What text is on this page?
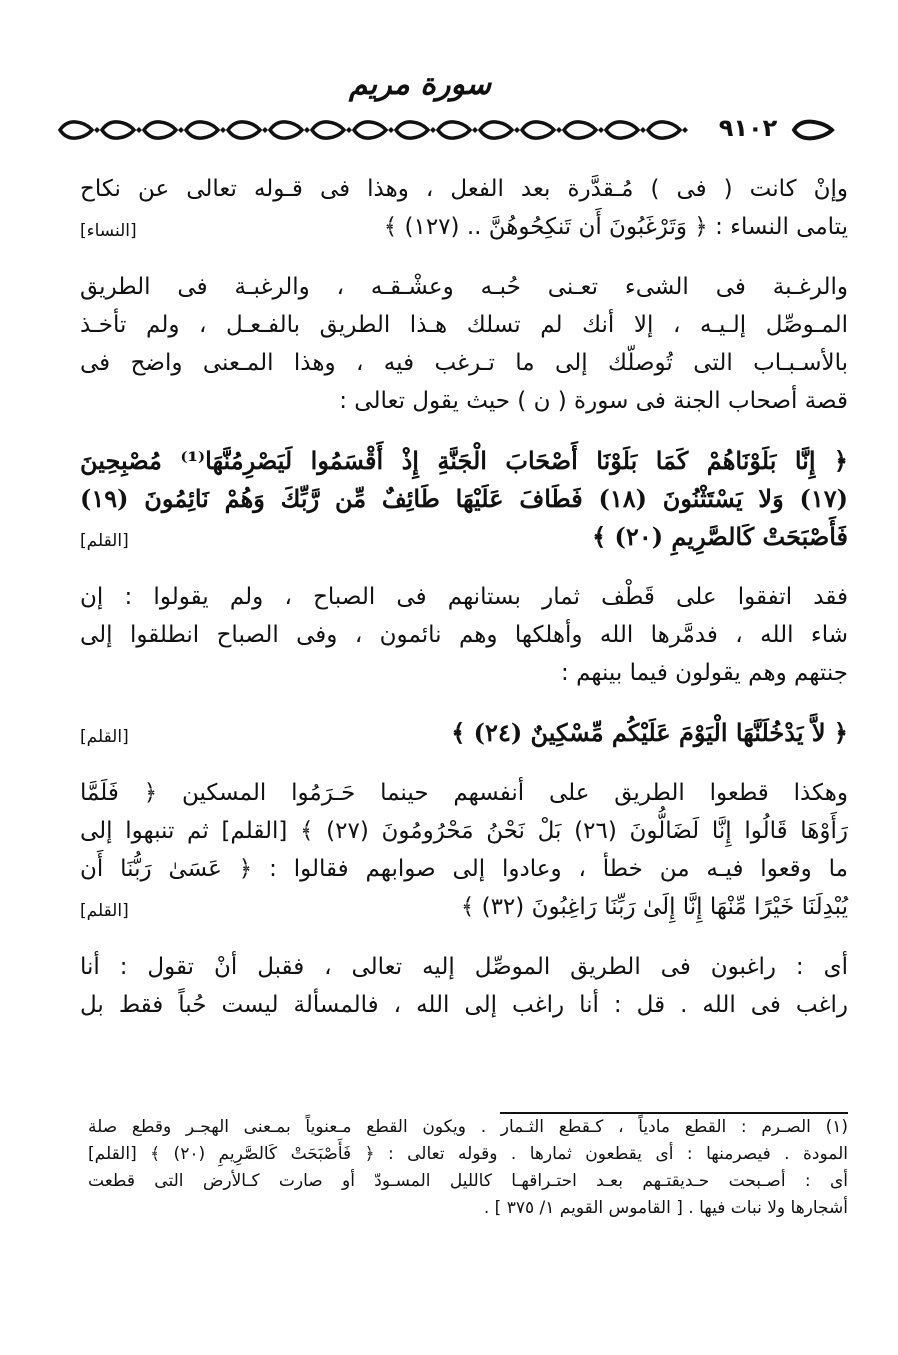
سورة مريم
٩١٠٢
وإنْ كانت ( فى ) مُـقدَّرة بعد الفعل ، وهذا فى قـوله تعالى عن نكاح
يتامى النساء : ﴿ وَتَرْغَبُونَ أَن تَنكِحُوهُنَّ .. (١٢٧) ﴾
[النساء]
والرغـبة فى الشىء تعـنى حُبـه وعشْـقـه ، والرغبـة فى الطريق
المـوصِّل إلـيـه ، إلا أنك لم تسلك هـذا الطريق بالفـعـل ، ولم تأخـذ
بالأسـبـاب التى تُوصلّك إلى ما تـرغب فيه ، وهذا المـعنى واضح فى
قصة أصحاب الجنة فى سورة ( ن ) حيث يقول تعالى :
﴿ إِنَّا بَلَوْنَاهُمْ كَمَا بَلَوْنَا أَصْحَابَ الْجَنَّةِ إِذْ أَقْسَمُوا لَيَصْرِمُنَّهَا⁽¹⁾ مُصْبِحِينَ
(١٧) وَلا يَسْتَثْنُونَ (١٨) فَطَافَ عَلَيْهَا طَائِفٌ مِّن رَّبِّكَ وَهُمْ نَائِمُونَ (١٩)
فَأَصْبَحَتْ كَالصَّرِيمِ (٢٠) ﴾
[القلم]
فقد اتفقوا على قَطْف ثمار بستانهم فى الصباح ، ولم يقولوا : إن
شاء الله ، فدمَّرها الله وأهلكها وهم نائمون ، وفى الصباح انطلقوا إلى
جنتهم وهم يقولون فيما بينهم :
﴿ لاَّ يَدْخُلَنَّهَا الْيَوْمَ عَلَيْكُم مِّسْكِينٌ (٢٤) ﴾
[القلم]
وهكذا قطعوا الطريق على أنفسهم حينما حَـرَمُوا المسكين ﴿ فَلَمَّا
رَأَوْهَا قَالُوا إِنَّا لَضَالُّونَ (٢٦) بَلْ نَحْنُ مَحْرُومُونَ (٢٧) ﴾ [القلم] ثم تنبهوا إلى
ما وقعوا فيـه من خطأ ، وعادوا إلى صوابهم فقالوا : ﴿ عَسَىٰ رَبُّنَا أَن
يُبْدِلَنَا خَيْرًا مِّنْهَا إِنَّا إِلَىٰ رَبِّنَا رَاغِبُونَ (٣٢) ﴾
[القلم]
أى : راغبون فى الطريق الموصِّل إليه تعالى ، فقبل أنْ تقول : أنا
راغب فى الله . قل : أنا راغب إلى الله ، فالمسألة ليست حُباً فقط بل
(١) الصـرم : القطع مادياً ، كـقطع الثـمار . ويكون القطع مـعنوياً بمـعنى الهجـر وقطع صلة
المودة . فيصرمنها : أى يقطعون ثمارها . وقوله تعالى : ﴿ فَأَصْبَحَتْ كَالصَّرِيمِ (٢٠) ﴾ [القلم]
أى : أصـبحت حـديقتـهم بعـد احتـراقهـا كالليل المسـودّ أو صارت كـالأرض التى قطعت
أشجارها ولا نبات فيها . [ القاموس القويم ١/ ٣٧٥ ] .
